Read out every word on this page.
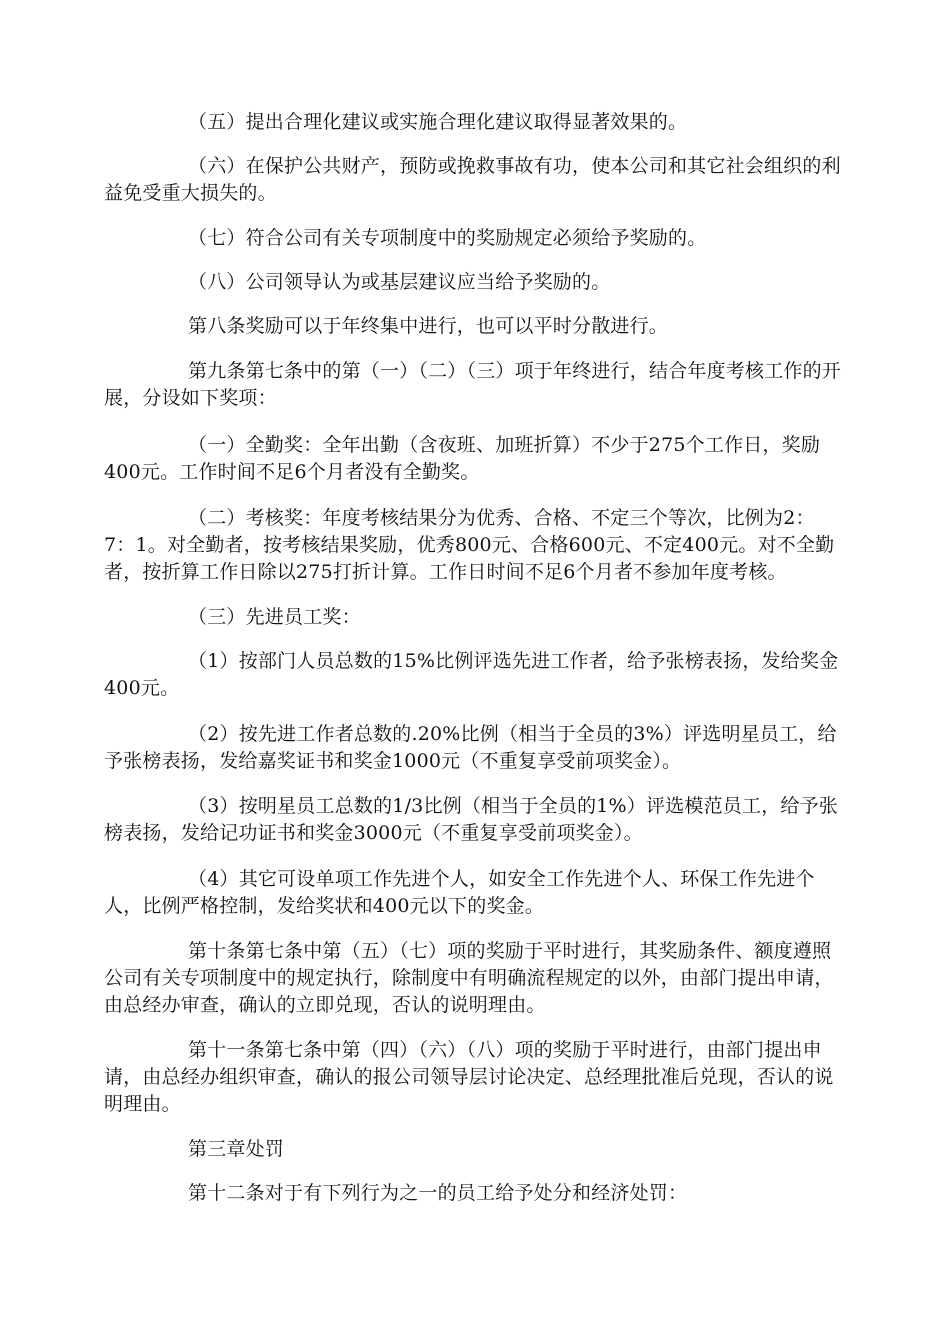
（五）提出合理化建议或实施合理化建议取得显著效果的。

（六）在保护公共财产，预防或挽救事故有功，使本公司和其它社会组织的利益免受重大损失的。

（七）符合公司有关专项制度中的奖励规定必须给予奖励的。

（八）公司领导认为或基层建议应当给予奖励的。

第八条奖励可以于年终集中进行，也可以平时分散进行。

第九条第七条中的第（一）（二）（三）项于年终进行，结合年度考核工作的开展，分设如下奖项：

（一）全勤奖：全年出勤（含夜班、加班折算）不少于275个工作日，奖励400元。工作时间不足6个月者没有全勤奖。

（二）考核奖：年度考核结果分为优秀、合格、不定三个等次，比例为2：7：1。对全勤者，按考核结果奖励，优秀800元、合格600元、不定400元。对不全勤者，按折算工作日除以275打折计算。工作日时间不足6个月者不参加年度考核。

（三）先进员工奖：

（1）按部门人员总数的15%比例评选先进工作者，给予张榜表扬，发给奖金400元。

（2）按先进工作者总数的.20%比例（相当于全员的3%）评选明星员工，给予张榜表扬，发给嘉奖证书和奖金1000元（不重复享受前项奖金）。

（3）按明星员工总数的1/3比例（相当于全员的1%）评选模范员工，给予张榜表扬，发给记功证书和奖金3000元（不重复享受前项奖金）。

（4）其它可设单项工作先进个人，如安全工作先进个人、环保工作先进个人，比例严格控制，发给奖状和400元以下的奖金。

第十条第七条中第（五）（七）项的奖励于平时进行，其奖励条件、额度遵照公司有关专项制度中的规定执行，除制度中有明确流程规定的以外，由部门提出申请，由总经办审查，确认的立即兑现，否认的说明理由。

第十一条第七条中第（四）（六）（八）项的奖励于平时进行，由部门提出申请，由总经办组织审查，确认的报公司领导层讨论决定、总经理批准后兑现，否认的说明理由。

第三章处罚

第十二条对于有下列行为之一的员工给予处分和经济处罚：
